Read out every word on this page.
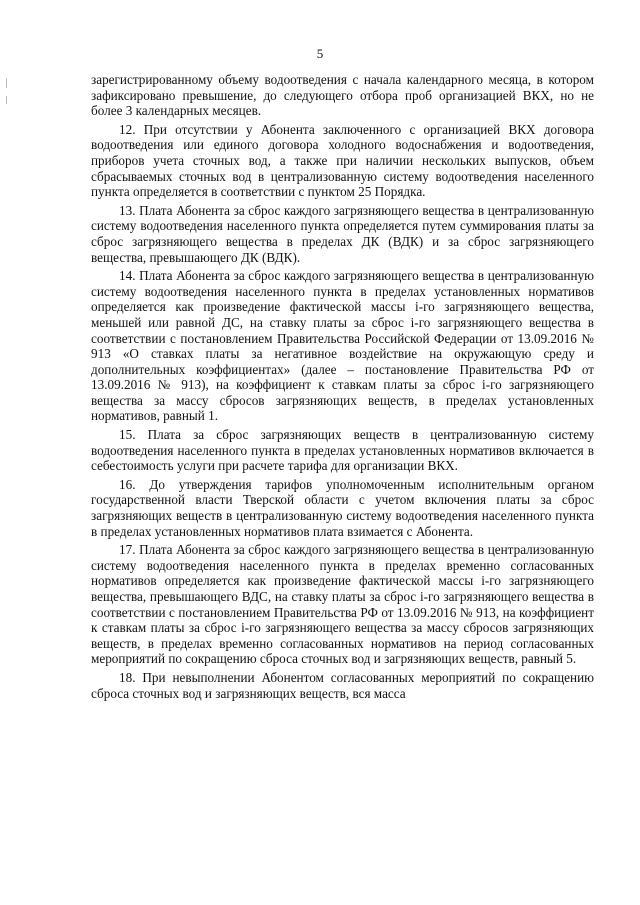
5

зарегистрированному объему водоотведения с начала календарного месяца, в котором зафиксировано превышение, до следующего отбора проб организацией ВКХ, но не более 3 календарных месяцев.

12. При отсутствии у Абонента заключенного с организацией ВКХ договора водоотведения или единого договора холодного водоснабжения и водоотведения, приборов учета сточных вод, а также при наличии нескольких выпусков, объем сбрасываемых сточных вод в централизованную систему водоотведения населенного пункта определяется в соответствии с пунктом 25 Порядка.

13. Плата Абонента за сброс каждого загрязняющего вещества в централизованную систему водоотведения населенного пункта определяется путем суммирования платы за сброс загрязняющего вещества в пределах ДК (ВДК) и за сброс загрязняющего вещества, превышающего ДК (ВДК).

14. Плата Абонента за сброс каждого загрязняющего вещества в централизованную систему водоотведения населенного пункта в пределах установленных нормативов определяется как произведение фактической массы i-го загрязняющего вещества, меньшей или равной ДС, на ставку платы за сброс i-го загрязняющего вещества в соответствии с постановлением Правительства Российской Федерации от 13.09.2016 № 913 «О ставках платы за негативное воздействие на окружающую среду и дополнительных коэффициентах» (далее – постановление Правительства РФ от 13.09.2016 № 913), на коэффициент к ставкам платы за сброс i-го загрязняющего вещества за массу сбросов загрязняющих веществ, в пределах установленных нормативов, равный 1.

15. Плата за сброс загрязняющих веществ в централизованную систему водоотведения населенного пункта в пределах установленных нормативов включается в себестоимость услуги при расчете тарифа для организации ВКХ.

16. До утверждения тарифов уполномоченным исполнительным органом государственной власти Тверской области с учетом включения платы за сброс загрязняющих веществ в централизованную систему водоотведения населенного пункта в пределах установленных нормативов плата взимается с Абонента.

17. Плата Абонента за сброс каждого загрязняющего вещества в централизованную систему водоотведения населенного пункта в пределах временно согласованных нормативов определяется как произведение фактической массы i-го загрязняющего вещества, превышающего ВДС, на ставку платы за сброс i-го загрязняющего вещества в соответствии с постановлением Правительства РФ от 13.09.2016 № 913, на коэффициент к ставкам платы за сброс i-го загрязняющего вещества за массу сбросов загрязняющих веществ, в пределах временно согласованных нормативов на период согласованных мероприятий по сокращению сброса сточных вод и загрязняющих веществ, равный 5.

18. При невыполнении Абонентом согласованных мероприятий по сокращению сброса сточных вод и загрязняющих веществ, вся масса
